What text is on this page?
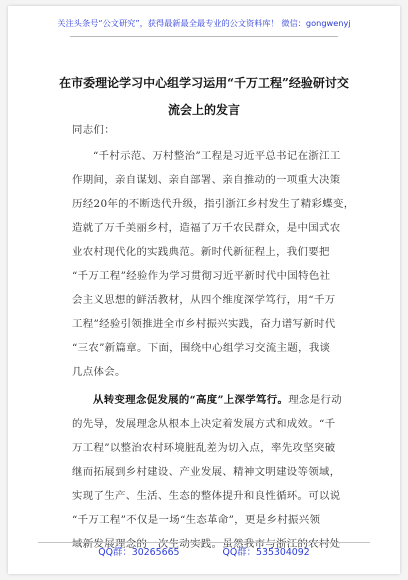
关注头条号“公文研究”，获得最新最全最专业的公文资料库！ 微信：gongwenyj
在市委理论学习中心组学习运用“千万工程”经验研讨交
流会上的发言
同志们：
“千村示范、万村整治”工程是习近平总书记在浙江工
作期间，亲自谋划、亲自部署、亲自推动的一项重大决策
历经20年的不断迭代升级，指引浙江乡村发生了精彩蝶变，
造就了万千美丽乡村，造福了万千农民群众，是中国式农
业农村现代化的实践典范。新时代新征程上，我们要把
“千万工程”经验作为学习贯彻习近平新时代中国特色社
会主义思想的鲜活教材，从四个维度深学笃行，用“千万
工程”经验引领推进全市乡村振兴实践，奋力谱写新时代
“三农”新篇章。下面，围绕中心组学习交流主题，我谈
几点体会。
从转变理念促发展的“高度”上深学笃行。理念是行动
的先导，发展理念从根本上决定着发展方式和成效。“千
万工程”以整治农村环境脏乱差为切入点，率先攻坚突破
继而拓展到乡村建设、产业发展、精神文明建设等领域，
实现了生产、生活、生态的整体提升和良性循环。可以说
“千万工程”不仅是一场“生态革命”，更是乡村振兴领
域新发展理念的一次生动实践。虽然我市与浙江的农村处
QQ群：30265665	QQ群：535304092
